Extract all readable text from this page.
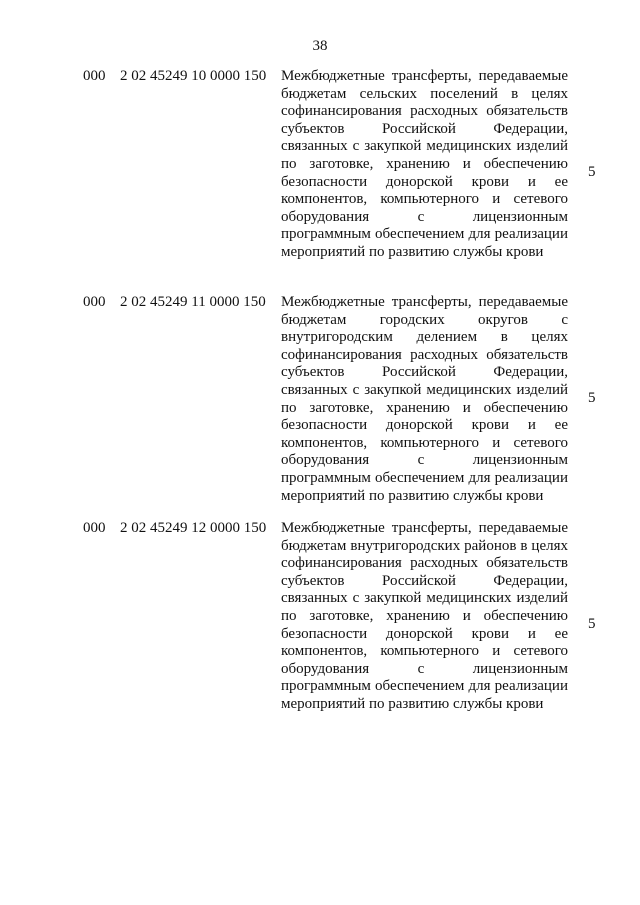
38
000 2 02 45249 10 0000 150 Межбюджетные трансферты, передаваемые бюджетам сельских поселений в целях софинансирования расходных обязательств субъектов Российской Федерации, связанных с закупкой медицинских изделий по заготовке, хранению и обеспечению безопасности донорской крови и ее компонентов, компьютерного и сетевого оборудования с лицензионным программным обеспечением для реализации мероприятий по развитию службы крови
5
000 2 02 45249 11 0000 150 Межбюджетные трансферты, передаваемые бюджетам городских округов с внутригородским делением в целях софинансирования расходных обязательств субъектов Российской Федерации, связанных с закупкой медицинских изделий по заготовке, хранению и обеспечению безопасности донорской крови и ее компонентов, компьютерного и сетевого оборудования с лицензионным программным обеспечением для реализации мероприятий по развитию службы крови
5
000 2 02 45249 12 0000 150 Межбюджетные трансферты, передаваемые бюджетам внутригородских районов в целях софинансирования расходных обязательств субъектов Российской Федерации, связанных с закупкой медицинских изделий по заготовке, хранению и обеспечению безопасности донорской крови и ее компонентов, компьютерного и сетевого оборудования с лицензионным программным обеспечением для реализации мероприятий по развитию службы крови
5
